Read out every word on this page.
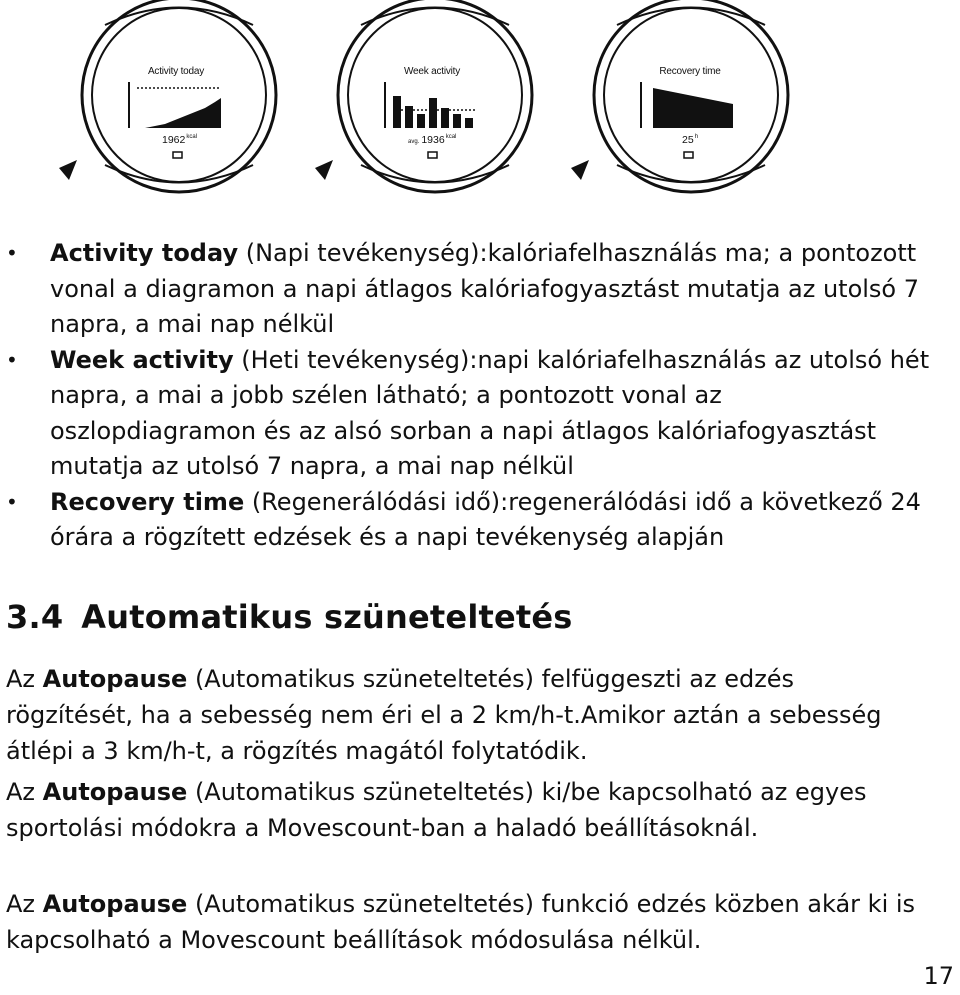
Activity today
$1962^{kcal}$
Week activity
avg. $1936^{kcal}$
Recovery time
25$^h$
• Activity today (Napi tevékenység):kalóriafelhasználás ma; a pontozott vonal a diagramon a napi átlagos kalóriafogyasztást mutatja az utolsó 7 napra, a mai nap nélkül
• Week activity (Heti tevékenység):napi kalóriafelhasználás az utolsó hét napra, a mai a jobb szélen látható; a pontozott vonal az oszlopdiagramon és az alsó sorban a napi átlagos kalóriafogyasztást mutatja az utolsó 7 napra, a mai nap nélkül
• Recovery time (Regenerálódási idő):regenerálódási idő a következő 24 órára a rögzített edzések és a napi tevékenység alapján
3.4 Automatikus szüneteltetés

Az Autopause (Automatikus szüneteltetés) felfüggeszti az edzés rögzítését, ha a sebesség nem éri el a 2 km/h-t.Amikor aztán a sebesség átlépi a 3 km/h-t, a rögzítés magától folytatódik.

Az Autopause (Automatikus szüneteltetés) ki/be kapcsolható az egyes sportolási módokra a Movescount-ban a haladó beállításoknál.

Az Autopause (Automatikus szüneteltetés) funkció edzés közben akár ki is kapcsolható a Movescount beállítások módosulása nélkül.

17
